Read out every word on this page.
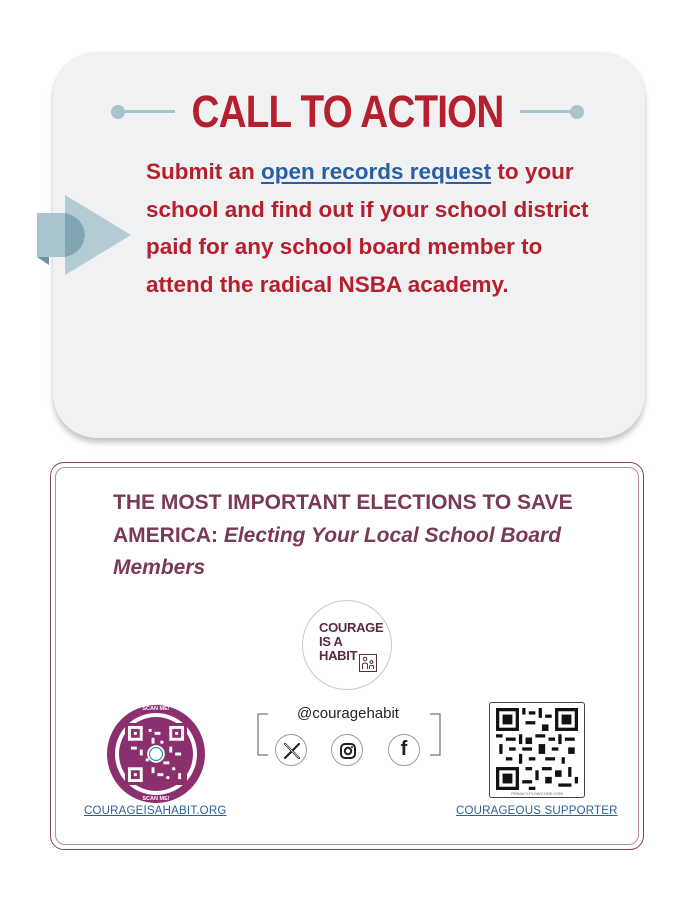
CALL TO ACTION

Submit an open records request to your school and find out if your school district paid for any school board member to attend the radical NSBA academy.

THE MOST IMPORTANT ELECTIONS TO SAVE AMERICA: Electing Your Local School Board Members

COURAGE
IS A
HABIT
@couragehabit
f
SCAN ME!
SCAN ME!
PRIVACY.FLOWCODE.COM
COURAGEISAHABIT.ORG	COURAGEOUS SUPPORTER
